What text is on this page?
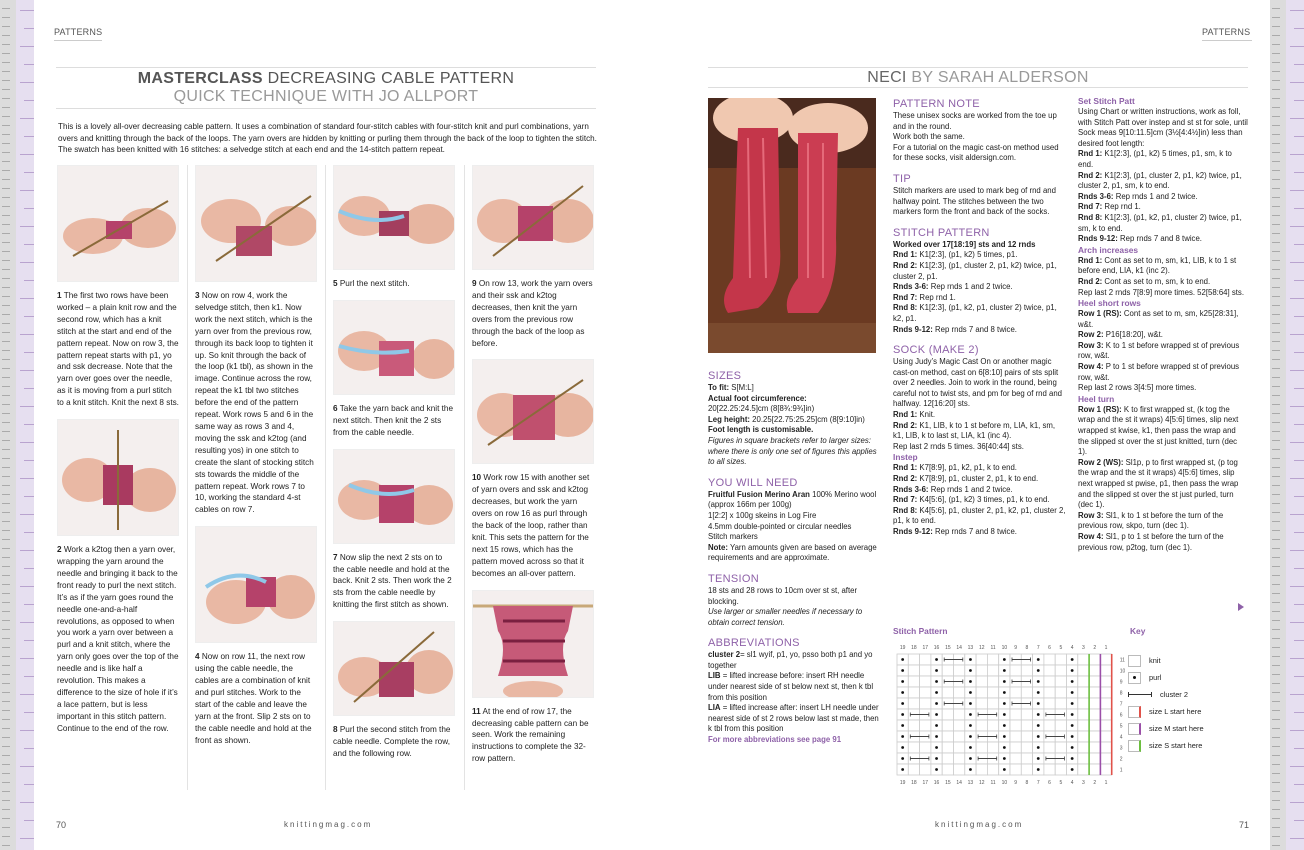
PATTERNS
MASTERCLASS DECREASING CABLE PATTERN
QUICK TECHNIQUE WITH JO ALLPORT
This is a lovely all-over decreasing cable pattern. It uses a combination of standard four-stitch cables with four-stitch knit and purl combinations, yarn overs and knitting through the back of the loops. The yarn overs are hidden by knitting or purling them through the back of the loop to tighten the stitch. The swatch has been knitted with 16 stitches: a selvedge stitch at each end and the 14-stitch pattern repeat.
1 The first two rows have been worked – a plain knit row and the second row, which has a knit stitch at the start and end of the pattern repeat. Now on row 3, the pattern repeat starts with p1, yo and ssk decrease. Note that the yarn over goes over the needle, as it is moving from a purl stitch to a knit stitch. Knit the next 8 sts.
2 Work a k2tog then a yarn over, wrapping the yarn around the needle and bringing it back to the front ready to purl the next stitch. It’s as if the yarn goes round the needle one-and-a-half revolutions, as opposed to when you work a yarn over between a purl and a knit stitch, where the yarn only goes over the top of the needle and is like half a revolution. This makes a difference to the size of hole if it’s a lace pattern, but is less important in this stitch pattern. Continue to the end of the row.
3 Now on row 4, work the selvedge stitch, then k1. Now work the next stitch, which is the yarn over from the previous row, through its back loop to tighten it up. So knit through the back of the loop (k1 tbl), as shown in the image. Continue across the row, repeat the k1 tbl two stitches before the end of the pattern repeat. Work rows 5 and 6 in the same way as rows 3 and 4, moving the ssk and k2tog (and resulting yos) in one stitch to create the slant of stocking stitch sts towards the middle of the pattern repeat. Work rows 7 to 10, working the standard 4-st cables on row 7.
4 Now on row 11, the next row using the cable needle, the cables are a combination of knit and purl stitches. Work to the start of the cable and leave the yarn at the front. Slip 2 sts on to the cable needle and hold at the front as shown.
5 Purl the next stitch.
6 Take the yarn back and knit the next stitch. Then knit the 2 sts from the cable needle.
7 Now slip the next 2 sts on to the cable needle and hold at the back. Knit 2 sts. Then work the 2 sts from the cable needle by knitting the first stitch as shown.
8 Purl the second stitch from the cable needle. Complete the row, and the following row.
9 On row 13, work the yarn overs and their ssk and k2tog decreases, then knit the yarn overs from the previous row through the back of the loop as before.
10 Work row 15 with another set of yarn overs and ssk and k2tog decreases, but work the yarn overs on row 16 as purl through the back of the loop, rather than knit. This sets the pattern for the next 15 rows, which has the pattern moved across so that it becomes an all-over pattern.
11 At the end of row 17, the decreasing cable pattern can be seen. Work the remaining instructions to complete the 32-row pattern.
70	knittingmag.com
PATTERNS
NECI BY SARAH ALDERSON
SIZES
To fit: S[M:L]
Actual foot circumference:
20[22.25:24.5]cm (8[8¾:9¾]in)
Leg height: 20.25[22.75:25.25]cm (8[9:10]in)
Foot length is customisable.
Figures in square brackets refer to larger sizes: where there is only one set of figures this applies to all sizes.
YOU WILL NEED
Fruitful Fusion Merino Aran 100% Merino wool (approx 166m per 100g)
1[2:2] x 100g skeins in Log Fire
4.5mm double-pointed or circular needles
Stitch markers
Note: Yarn amounts given are based on average requirements and are approximate.
TENSION
18 sts and 28 rows to 10cm over st st, after blocking.
Use larger or smaller needles if necessary to obtain correct tension.
ABBREVIATIONS
cluster 2= sl1 wyif, p1, yo, psso both p1 and yo together
LIB = lifted increase before: insert RH needle under nearest side of st below next st, then k tbl from this position
LIA = lifted increase after: insert LH needle under nearest side of st 2 rows below last st made, then k tbl from this position
For more abbreviations see page 91
PATTERN NOTE
These unisex socks are worked from the toe up and in the round.
Work both the same.
For a tutorial on the magic cast-on method used for these socks, visit aldersign.com.
TIP
Stitch markers are used to mark beg of rnd and halfway point. The stitches between the two markers form the front and back of the socks.
STITCH PATTERN
Worked over 17[18:19] sts and 12 rnds
Rnd 1: K1[2:3], (p1, k2) 5 times, p1.
Rnd 2: K1[2:3], (p1, cluster 2, p1, k2) twice, p1, cluster 2, p1.
Rnds 3-6: Rep rnds 1 and 2 twice.
Rnd 7: Rep rnd 1.
Rnd 8: K1[2:3], (p1, k2, p1, cluster 2) twice, p1, k2, p1.
Rnds 9-12: Rep rnds 7 and 8 twice.
SOCK (MAKE 2)
Using Judy’s Magic Cast On or another magic cast-on method, cast on 6[8:10] pairs of sts split over 2 needles. Join to work in the round, being careful not to twist sts, and pm for beg of rnd and halfway. 12[16:20] sts.
Rnd 1: Knit.
Rnd 2: K1, LIB, k to 1 st before m, LIA, k1, sm, k1, LIB, k to last st, LIA, k1 (inc 4).
Rep last 2 rnds 5 times. 36[40:44] sts.
Instep
Rnd 1: K7[8:9], p1, k2, p1, k to end.
Rnd 2: K7[8:9], p1, cluster 2, p1, k to end.
Rnds 3-6: Rep rnds 1 and 2 twice.
Rnd 7: K4[5:6], (p1, k2) 3 times, p1, k to end.
Rnd 8: K4[5:6], p1, cluster 2, p1, k2, p1, cluster 2, p1, k to end.
Rnds 9-12: Rep rnds 7 and 8 twice.
Set Stitch Patt
Using Chart or written instructions, work as foll, with Stitch Patt over instep and st st for sole, until Sock meas 9[10:11.5]cm (3½[4:4½]in) less than desired foot length:
Rnd 1: K1[2:3], (p1, k2) 5 times, p1, sm, k to end.
Rnd 2: K1[2:3], (p1, cluster 2, p1, k2) twice, p1, cluster 2, p1, sm, k to end.
Rnds 3-6: Rep rnds 1 and 2 twice.
Rnd 7: Rep rnd 1.
Rnd 8: K1[2:3], (p1, k2, p1, cluster 2) twice, p1, sm, k to end.
Rnds 9-12: Rep rnds 7 and 8 twice.
Arch increases
Rnd 1: Cont as set to m, sm, k1, LIB, k to 1 st before end, LIA, k1 (inc 2).
Rnd 2: Cont as set to m, sm, k to end.
Rep last 2 rnds 7[8:9] more times. 52[58:64] sts.
Heel short rows
Row 1 (RS): Cont as set to m, sm, k25[28:31], w&t.
Row 2: P16[18:20], w&t.
Row 3: K to 1 st before wrapped st of previous row, w&t.
Row 4: P to 1 st before wrapped st of previous row, w&t.
Rep last 2 rows 3[4:5] more times.
Heel turn
Row 1 (RS): K to first wrapped st, (k tog the wrap and the st it wraps) 4[5:6] times, slip next wrapped st kwise, k1, then pass the wrap and the slipped st over the st just knitted, turn (dec 1).
Row 2 (WS): Sl1p, p to first wrapped st, (p tog the wrap and the st it wraps) 4[5:6] times, slip next wrapped st pwise, p1, then pass the wrap and the slipped st over the st just purled, turn (dec 1).
Row 3: Sl1, k to 1 st before the turn of the previous row, skpo, turn (dec 1).
Row 4: Sl1, p to 1 st before the turn of the previous row, p2tog, turn (dec 1).
Stitch Pattern
19
19
18
18
17
17
16
16
15
15
14
14
13
13
12
12
11
11
10
10
9
9
8
8
7
7
6
6
5
5
4
4
3
3
2
2
1
1
11
10
9
8
7
6
5
4
3
2
1
Key
knit
purl
cluster 2
size L start here
size M start here
size S start here
71
knittingmag.com
